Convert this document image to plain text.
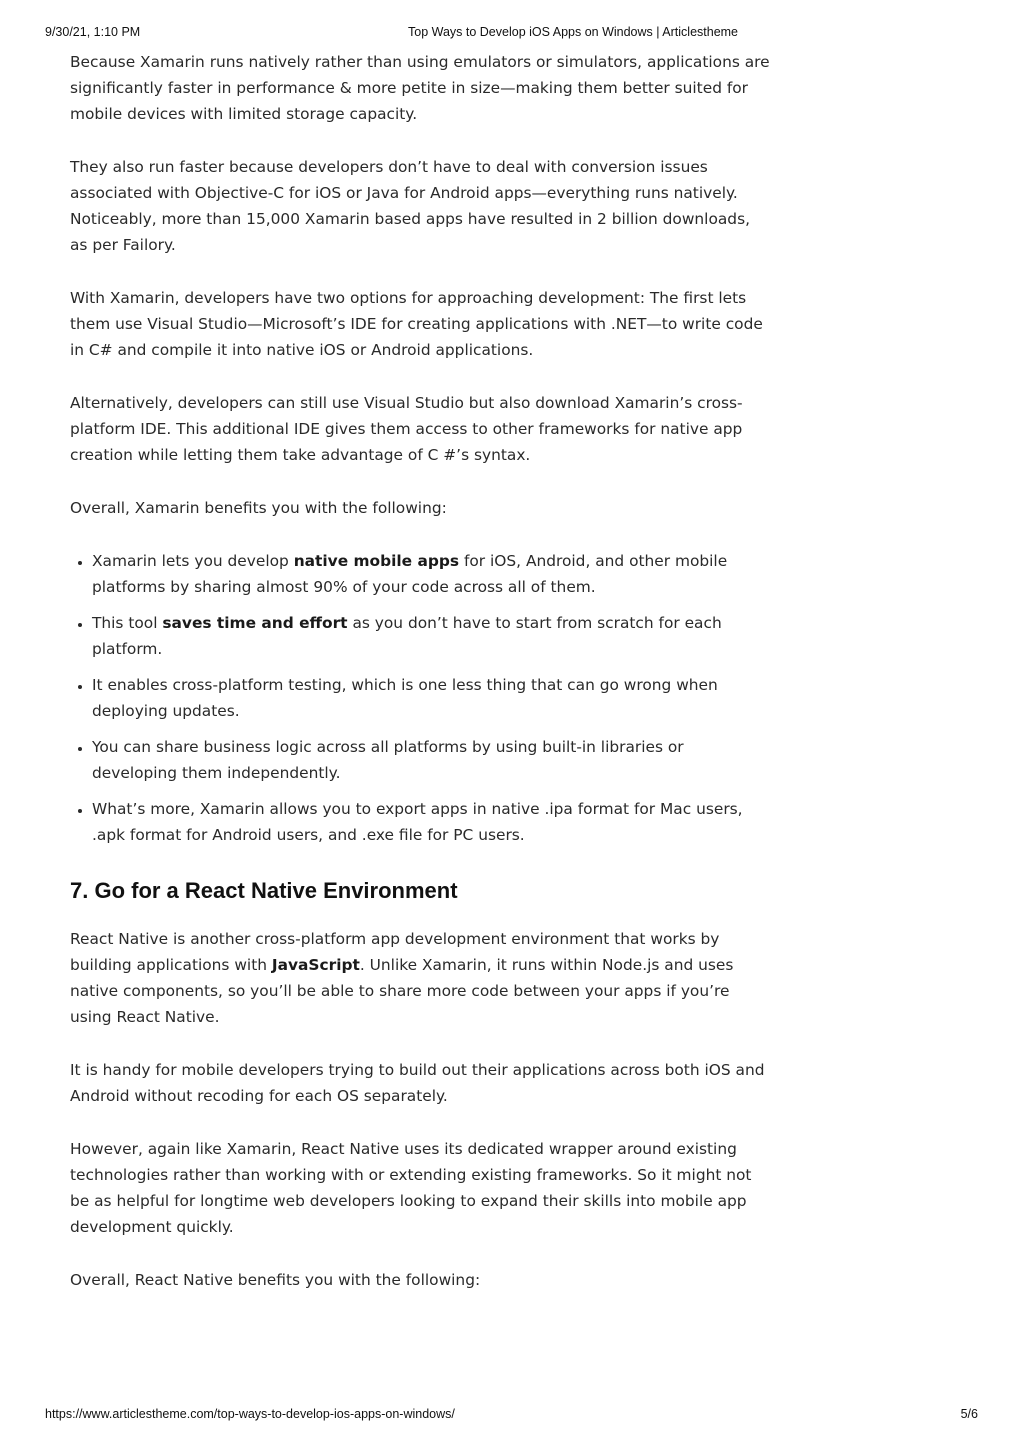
9/30/21, 1:10 PM	Top Ways to Develop iOS Apps on Windows | Articlestheme

Because Xamarin runs natively rather than using emulators or simulators, applications are significantly faster in performance & more petite in size—making them better suited for mobile devices with limited storage capacity.

They also run faster because developers don’t have to deal with conversion issues associated with Objective-C for iOS or Java for Android apps—everything runs natively. Noticeably, more than 15,000 Xamarin based apps have resulted in 2 billion downloads, as per Failory.

With Xamarin, developers have two options for approaching development: The first lets them use Visual Studio—Microsoft’s IDE for creating applications with .NET—to write code in C# and compile it into native iOS or Android applications.

Alternatively, developers can still use Visual Studio but also download Xamarin’s cross-platform IDE. This additional IDE gives them access to other frameworks for native app creation while letting them take advantage of C #’s syntax.

Overall, Xamarin benefits you with the following:

• Xamarin lets you develop native mobile apps for iOS, Android, and other mobile platforms by sharing almost 90% of your code across all of them.
• This tool saves time and effort as you don’t have to start from scratch for each platform.
• It enables cross-platform testing, which is one less thing that can go wrong when deploying updates.
• You can share business logic across all platforms by using built-in libraries or developing them independently.
• What’s more, Xamarin allows you to export apps in native .ipa format for Mac users, .apk format for Android users, and .exe file for PC users.
7. Go for a React Native Environment

React Native is another cross-platform app development environment that works by building applications with JavaScript. Unlike Xamarin, it runs within Node.js and uses native components, so you’ll be able to share more code between your apps if you’re using React Native.

It is handy for mobile developers trying to build out their applications across both iOS and Android without recoding for each OS separately.

However, again like Xamarin, React Native uses its dedicated wrapper around existing technologies rather than working with or extending existing frameworks. So it might not be as helpful for longtime web developers looking to expand their skills into mobile app development quickly.

Overall, React Native benefits you with the following:

https://www.articlestheme.com/top-ways-to-develop-ios-apps-on-windows/	5/6
